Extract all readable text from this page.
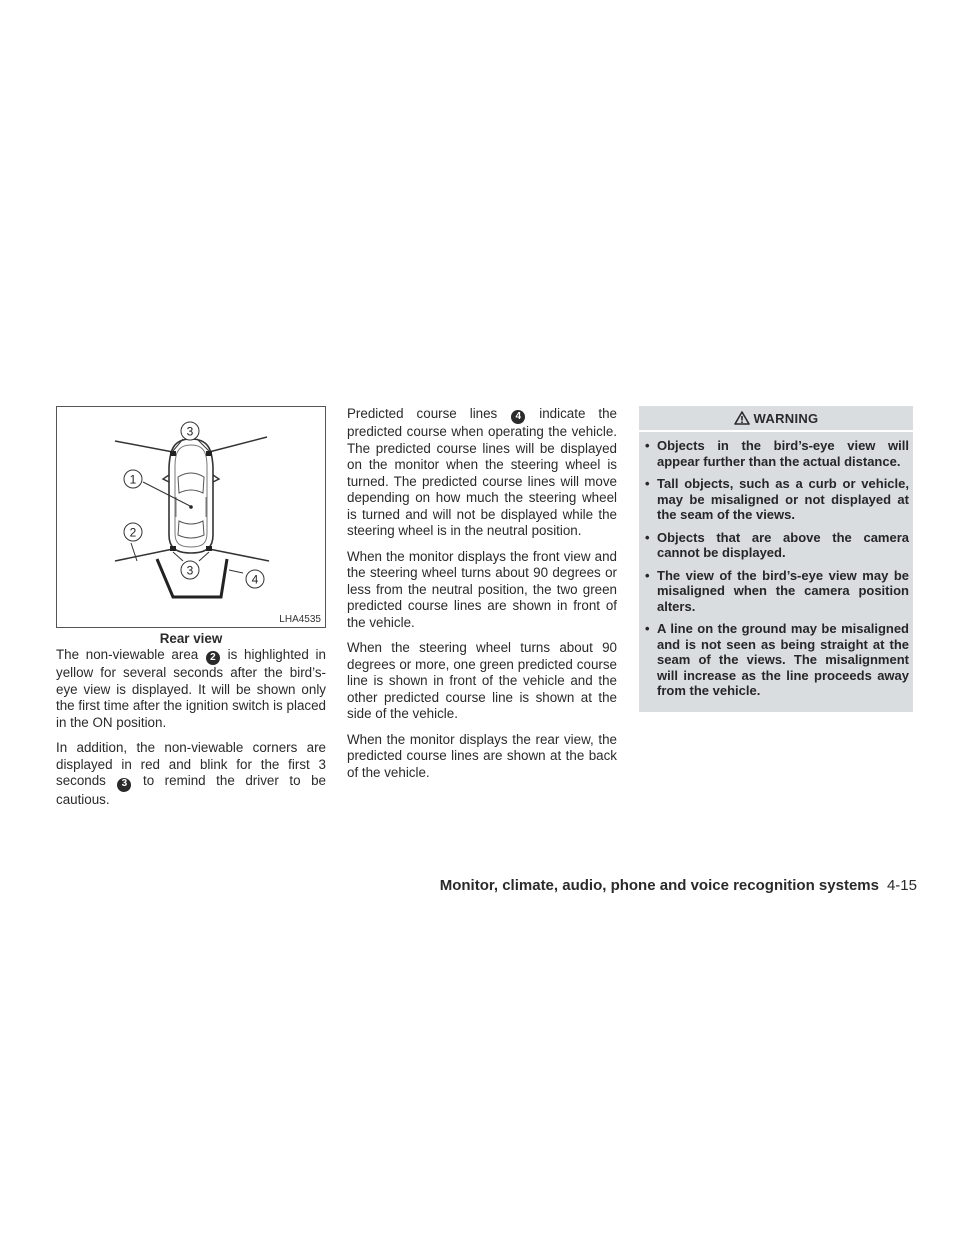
3
1
2
3
4
LHA4535
Rear view

The non-viewable area 2 is highlighted in yellow for several seconds after the bird’s-eye view is displayed. It will be shown only the first time after the ignition switch is placed in the ON position.

In addition, the non-viewable corners are displayed in red and blink for the first 3 seconds 3 to remind the driver to be cautious.

Predicted course lines 4 indicate the predicted course when operating the vehicle. The predicted course lines will be displayed on the monitor when the steering wheel is turned. The predicted course lines will move depending on how much the steering wheel is turned and will not be displayed while the steering wheel is in the neutral position.

When the monitor displays the front view and the steering wheel turns about 90 degrees or less from the neutral position, the two green predicted course lines are shown in front of the vehicle.

When the steering wheel turns about 90 degrees or more, one green predicted course line is shown in front of the vehicle and the other predicted course line is shown at the side of the vehicle.

When the monitor displays the rear view, the predicted course lines are shown at the back of the vehicle.

WARNING
• Objects in the bird’s-eye view will appear further than the actual distance.
• Tall objects, such as a curb or vehicle, may be misaligned or not displayed at the seam of the views.
• Objects that are above the camera cannot be displayed.
• The view of the bird’s-eye view may be misaligned when the camera position alters.
• A line on the ground may be misaligned and is not seen as being straight at the seam of the views. The misalignment will increase as the line proceeds away from the vehicle.
Monitor, climate, audio, phone and voice recognition systems 4-15
